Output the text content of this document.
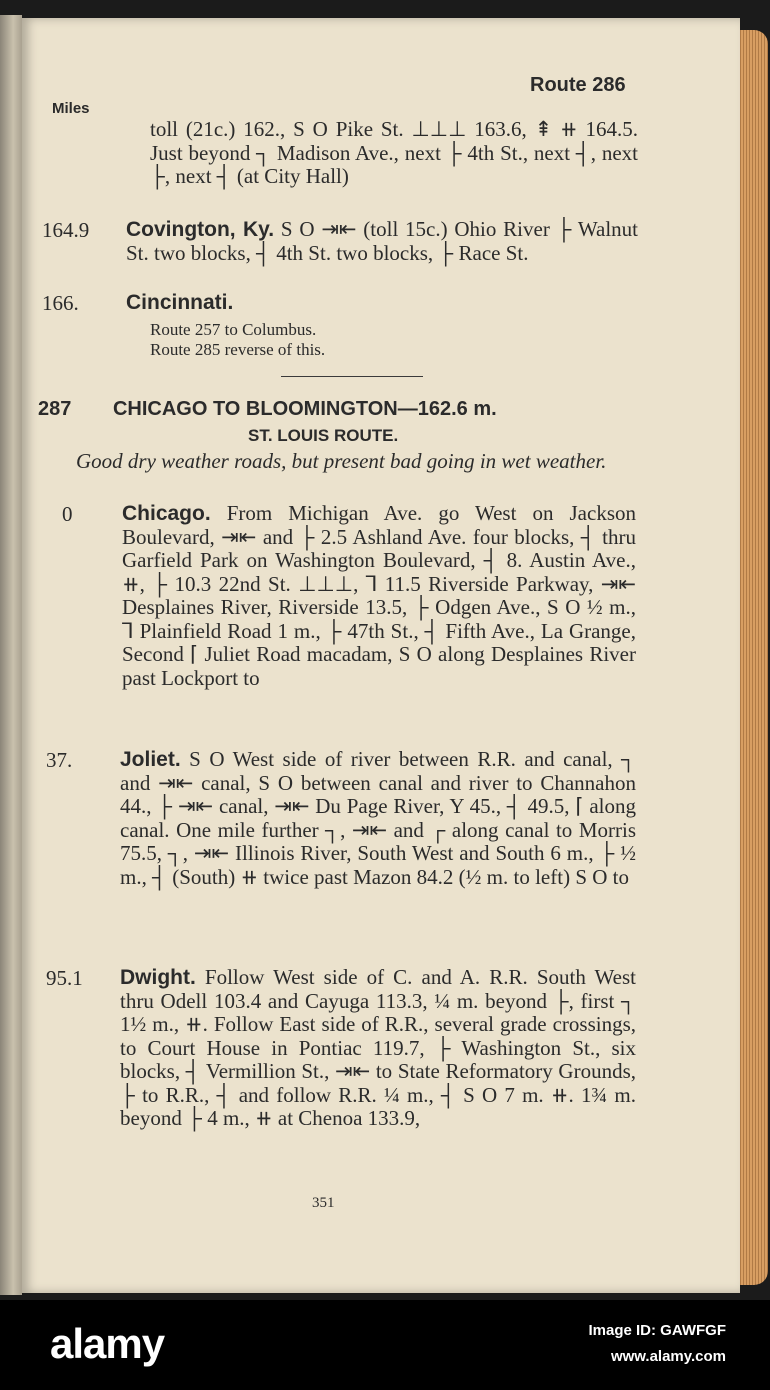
Route 286
Miles
toll (21c.) 162., S O Pike St. ⊥⊥⊥ 163.6, ⇞ ⧺ 164.5. Just beyond ┐ Madison Ave., next ├ 4th St., next ┤, next ├, next ┤ (at City Hall)
164.9 Covington, Ky. S O ⇥⇤ (toll 15c.) Ohio River ├ Walnut St. two blocks, ┤ 4th St. two blocks, ├ Race St.
166. Cincinnati.
Route 257 to Columbus.
Route 285 reverse of this.
287 CHICAGO TO BLOOMINGTON—162.6 m.
ST. LOUIS ROUTE.
Good dry weather roads, but present bad going in wet weather.
0 Chicago. From Michigan Ave. go West on Jackson Boulevard, ⇥⇤ and ├ 2.5 Ashland Ave. four blocks, ┤ thru Garfield Park on Washington Boulevard, ┤ 8. Austin Ave., ⧺, ├ 10.3 22nd St. ⊥⊥⊥, ⅂ 11.5 Riverside Parkway, ⇥⇤ Desplaines River, Riverside 13.5, ├ Odgen Ave., S O ½ m., ⅂ Plainfield Road 1 m., ├ 47th St., ┤ Fifth Ave., La Grange, Second ⌈ Juliet Road macadam, S O along Desplaines River past Lockport to
37. Joliet. S O West side of river between R.R. and canal, ┐ and ⇥⇤ canal, S O between canal and river to Channahon 44., ├ ⇥⇤ canal, ⇥⇤ Du Page River, Y 45., ┤ 49.5, ⌈ along canal. One mile further ┐, ⇥⇤ and ┌ along canal to Morris 75.5, ┐, ⇥⇤ Illinois River, South West and South 6 m., ├ ½ m., ┤ (South) ⧺ twice past Mazon 84.2 (½ m. to left) S O to
95.1 Dwight. Follow West side of C. and A. R.R. South West thru Odell 103.4 and Cayuga 113.3, ¼ m. beyond ├, first ┐ 1½ m., ⧺. Follow East side of R.R., several grade crossings, to Court House in Pontiac 119.7, ├ Washington St., six blocks, ┤ Vermillion St., ⇥⇤ to State Reformatory Grounds, ├ to R.R., ┤ and follow R.R. ¼ m., ┤ S O 7 m. ⧺. 1¾ m. beyond ├ 4 m., ⧺ at Chenoa 133.9,
351
alamy	Image ID: GAWFGF
www.alamy.com
